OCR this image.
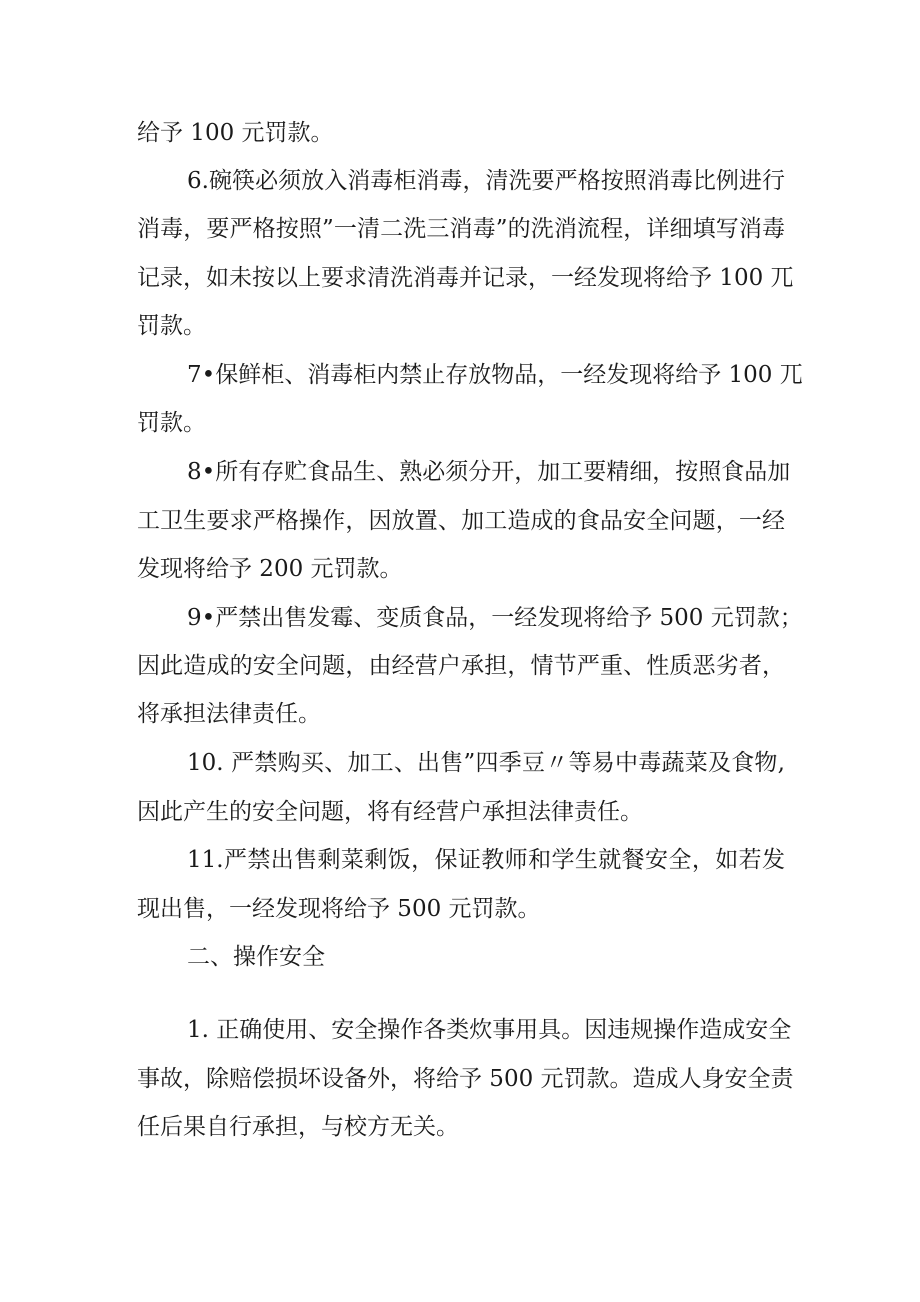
给予 100 元罚款。
6.碗筷必须放入消毒柜消毒，清洗要严格按照消毒比例进行
消毒，要严格按照”一清二洗三消毒”的洗消流程，详细填写消毒
记录，如未按以上要求清洗消毒并记录，一经发现将给予 100 兀
罚款。
7•保鲜柜、消毒柜内禁止存放物品，一经发现将给予 100 兀
罚款。
8•所有存贮食品生、熟必须分开，加工要精细，按照食品加
工卫生要求严格操作，因放置、加工造成的食品安全问题，一经
发现将给予 200 元罚款。
9•严禁出售发霉、变质食品，一经发现将给予 500 元罚款；
因此造成的安全问题，由经营户承担，情节严重、性质恶劣者，
将承担法律责任。
10. 严禁购买、加工、出售”四季豆〃等易中毒蔬菜及食物,
因此产生的安全问题，将有经营户承担法律责任。
11.严禁出售剩菜剩饭，保证教师和学生就餐安全，如若发
现出售，一经发现将给予 500 元罚款。
二、操作安全
1. 正确使用、安全操作各类炊事用具。因违规操作造成安全
事故，除赔偿损坏设备外，将给予 500 元罚款。造成人身安全责
任后果自行承担，与校方无关。
